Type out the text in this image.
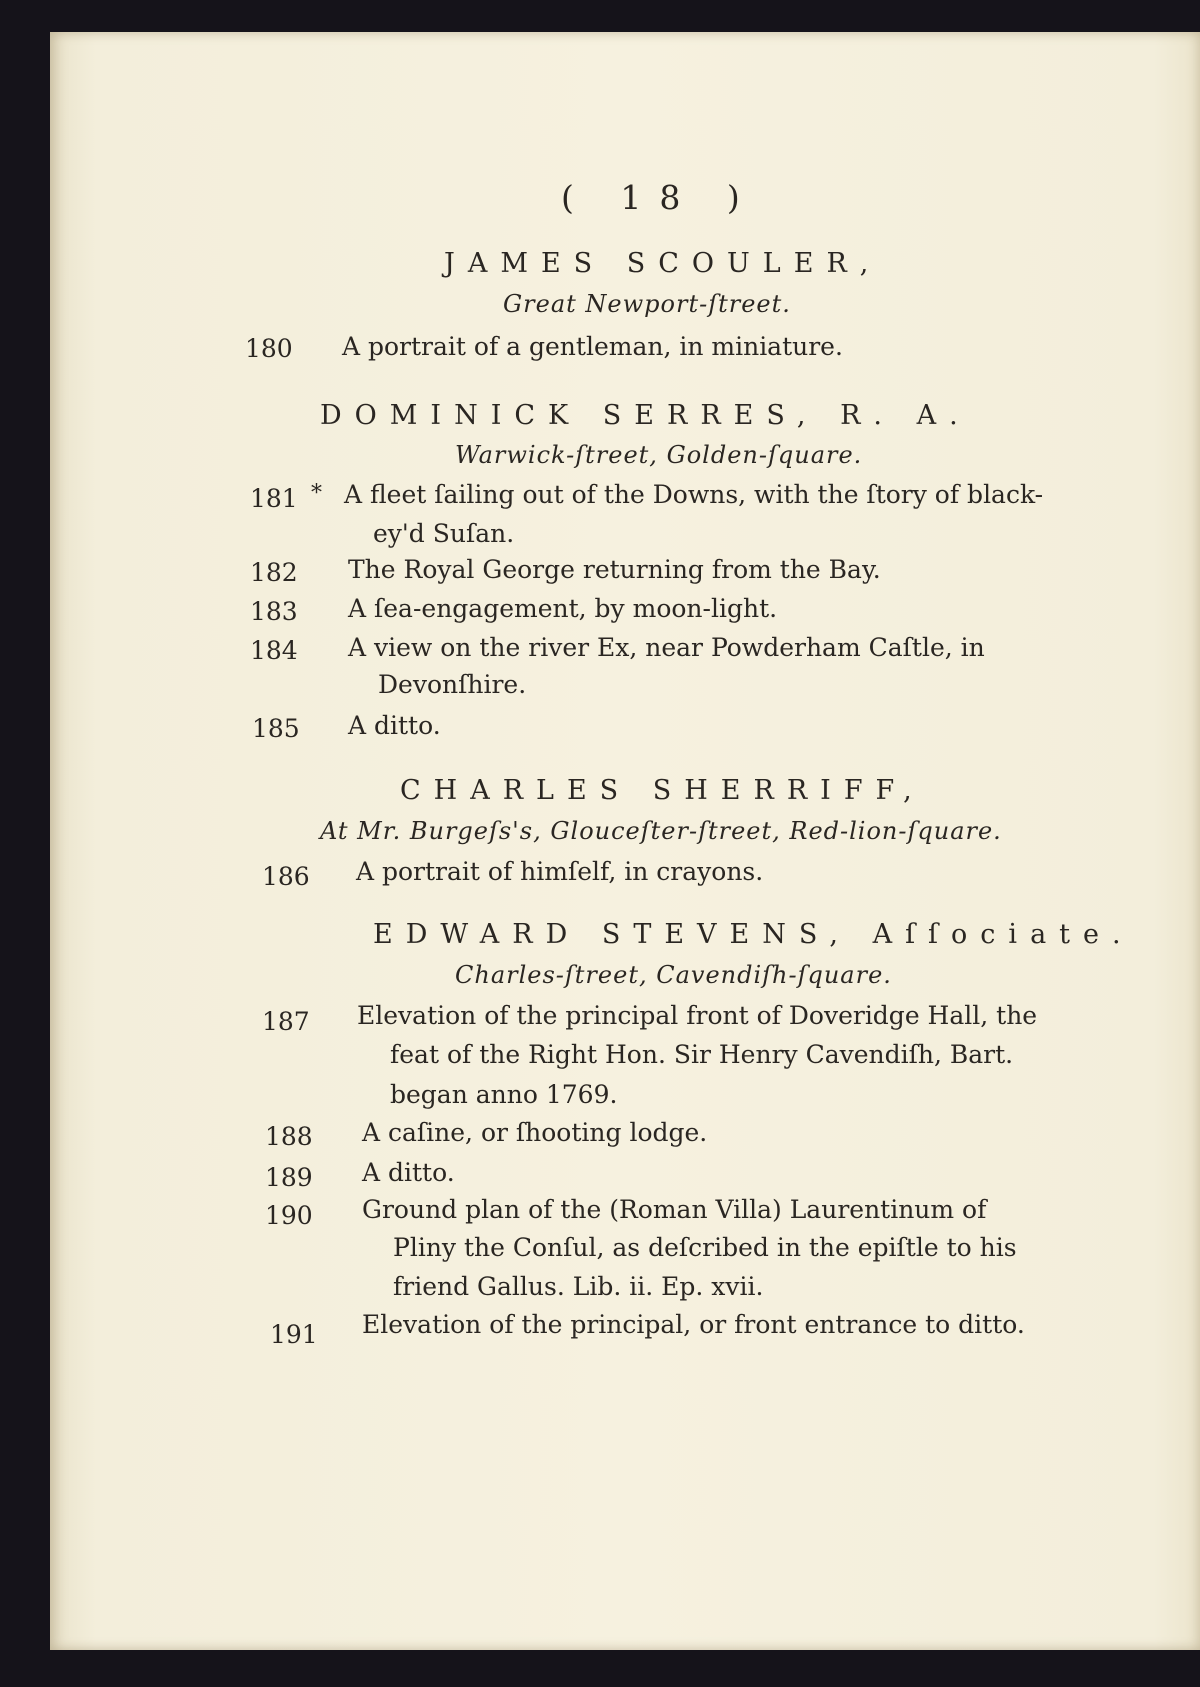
( 18 )
JAMES SCOULER,
Great Newport-ſtreet.
180 A portrait of a gentleman, in miniature.
DOMINICK SERRES, R. A.
Warwick-ſtreet, Golden-ſquare.
181 * A fleet ſailing out of the Downs, with the ſtory of black-
ey'd Suſan.
182 The Royal George returning from the Bay.
183 A ſea-engagement, by moon-light.
184 A view on the river Ex, near Powderham Caſtle, in
Devonſhire.
185 A ditto.
CHARLES SHERRIFF,
At Mr. Burgeſs's, Glouceſter-ſtreet, Red-lion-ſquare.
186 A portrait of himſelf, in crayons.
EDWARD STEVENS, Aſſociate.
Charles-ſtreet, Cavendiſh-ſquare.
187 Elevation of the principal front of Doveridge Hall, the
feat of the Right Hon. Sir Henry Cavendiſh, Bart.
began anno 1769.
188 A caſine, or ſhooting lodge.
189 A ditto.
190 Ground plan of the (Roman Villa) Laurentinum of
Pliny the Conſul, as deſcribed in the epiſtle to his
friend Gallus. Lib. ii. Ep. xvii.
191 Elevation of the principal, or front entrance to ditto.
